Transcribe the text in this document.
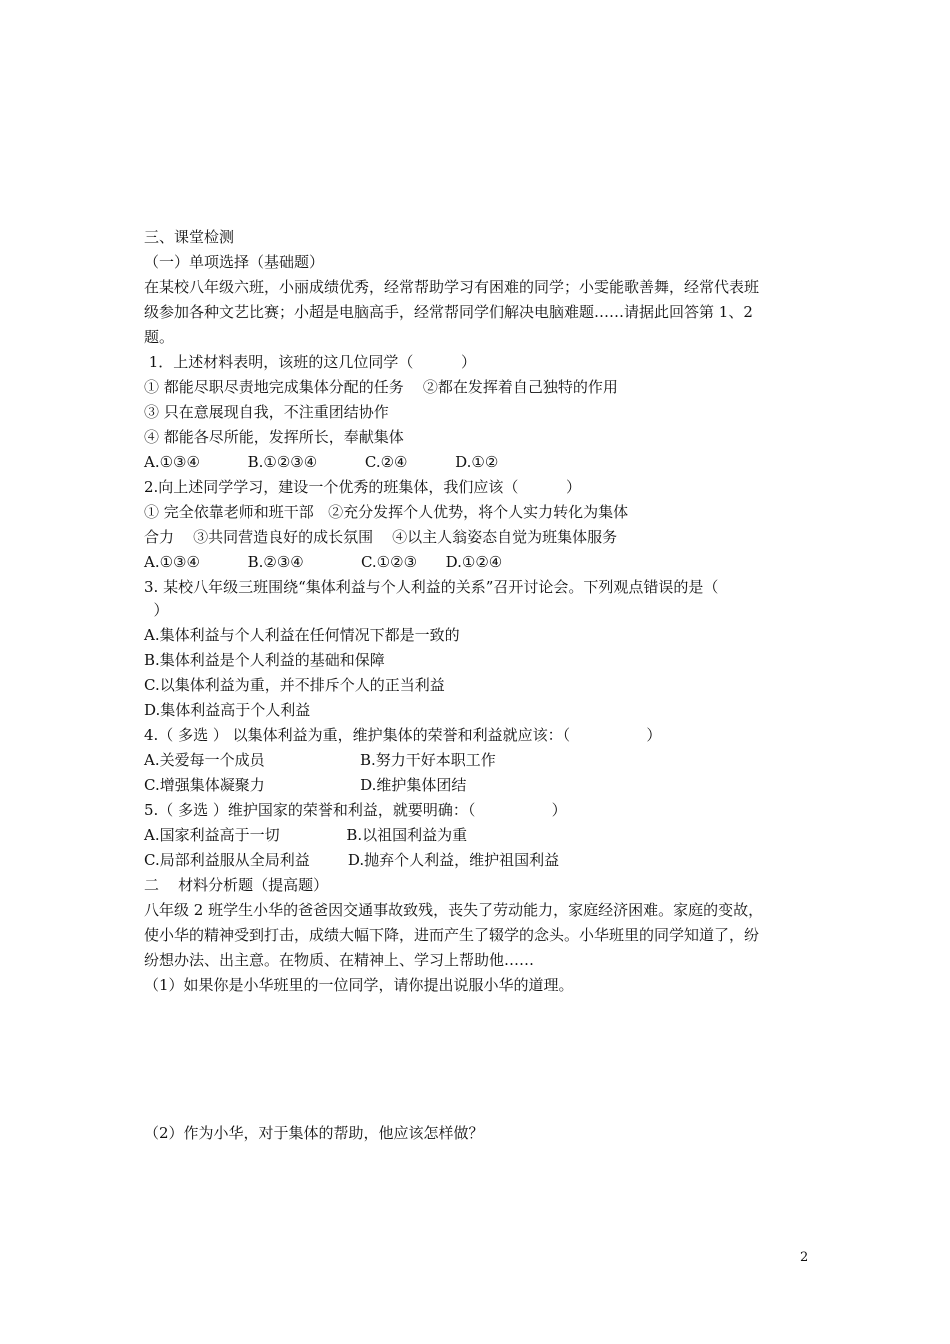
三、课堂检测
（一）单项选择（基础题）
在某校八年级六班，小丽成绩优秀，经常帮助学习有困难的同学；小雯能歌善舞，经常代表班
级参加各种文艺比赛；小超是电脑高手，经常帮同学们解决电脑难题……请据此回答第 1、2
题。
1．上述材料表明，该班的这几位同学（          ）
① 都能尽职尽责地完成集体分配的任务    ②都在发挥着自己独特的作用
③ 只在意展现自我，不注重团结协作
④ 都能各尽所能，发挥所长，奉献集体
A.①③④          B.①②③④          C.②④          D.①②
2.向上述同学学习，建设一个优秀的班集体，我们应该（          ）
① 完全依靠老师和班干部   ②充分发挥个人优势，将个人实力转化为集体
合力    ③共同营造良好的成长氛围    ④以主人翁姿态自觉为班集体服务
A.①③④          B.②③④            C.①②③      D.①②④
3. 某校八年级三班围绕“集体利益与个人利益的关系”召开讨论会。下列观点错误的是（
）
A.集体利益与个人利益在任何情况下都是一致的
B.集体利益是个人利益的基础和保障
C.以集体利益为重，并不排斥个人的正当利益
D.集体利益高于个人利益
4.（ 多选 ） 以集体利益为重，维护集体的荣誉和利益就应该：（                ）
A.关爱每一个成员                    B.努力干好本职工作
C.增强集体凝聚力                    D.维护集体团结
5.（ 多选 ）维护国家的荣誉和利益，就要明确：（                ）
A.国家利益高于一切              B.以祖国利益为重
C.局部利益服从全局利益        D.抛弃个人利益，维护祖国利益
二    材料分析题（提高题）
八年级 2 班学生小华的爸爸因交通事故致残，丧失了劳动能力，家庭经济困难。家庭的变故，
使小华的精神受到打击，成绩大幅下降，进而产生了辍学的念头。小华班里的同学知道了，纷
纷想办法、出主意。在物质、在精神上、学习上帮助他……
（1）如果你是小华班里的一位同学，请你提出说服小华的道理。
（2）作为小华，对于集体的帮助，他应该怎样做？
2
